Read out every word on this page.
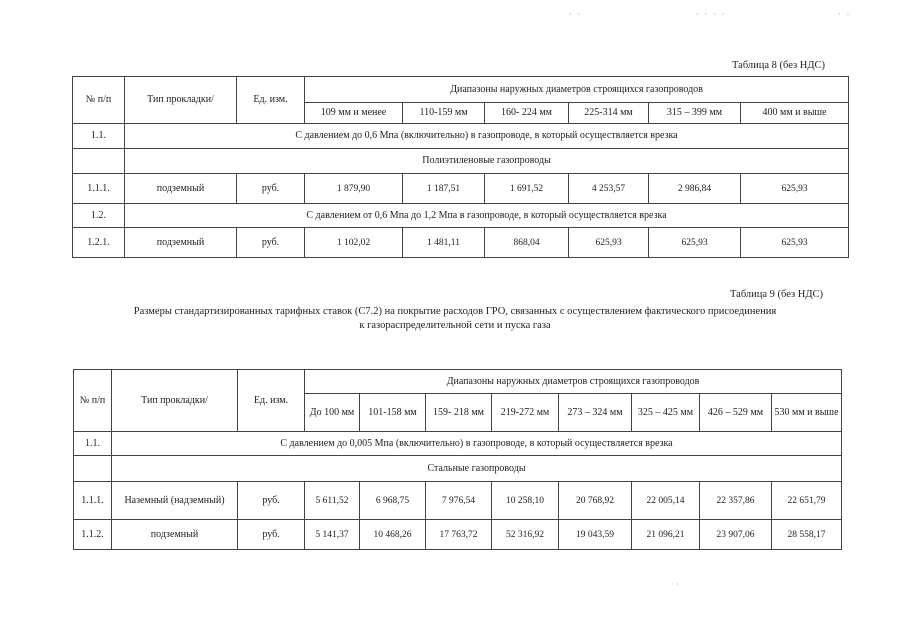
· ·	· · · ·	· ·
Таблица 8 (без НДС)
№ п/п	Тип прокладки/	Ед. изм.	Диапазоны наружных диаметров строящихся газопроводов					
			109 мм и менее	110-159 мм	160- 224 мм	225-314 мм	315 – 399 мм	400 мм и выше
1.1.	С давлением до 0,6 Мпа (включительно) в газопроводе, в который осуществляется врезка							
	Полиэтиленовые газопроводы							
1.1.1.	подземный	руб.	1 879,90	1 187,51	1 691,52	4 253,57	2 986,84	625,93
1.2.	С давлением от 0,6 Мпа до 1,2 Мпа в газопроводе, в который осуществляется врезка							
1.2.1.	подземный	руб.	1 102,02	1 481,11	868,04	625,93	625,93	625,93
Таблица 9 (без НДС)
Размеры стандартизированных тарифных ставок (С7.2) на покрытие расходов ГРО, связанных с осуществлением фактического присоединения
к газораспределительной сети и пуска газа
№ п/п	Тип прокладки/	Ед. изм.	Диапазоны наружных диаметров строящихся газопроводов							
			До 100 мм	101-158 мм	159- 218 мм	219-272 мм	273 – 324 мм	325 – 425 мм	426 – 529 мм	530 мм и выше
1.1.	С давлением до 0,005 Мпа (включительно) в газопроводе, в который осуществляется врезка									
	Стальные газопроводы									
1.1.1.	Наземный (надземный)	руб.	5 611,52	6 968,75	7 976,54	10 258,10	20 768,92	22 005,14	22 357,86	22 651,79
1.1.2.	подземный	руб.	5 141,37	10 468,26	17 763,72	52 316,92	19 043,59	21 096,21	23 907,06	28 558,17
·
